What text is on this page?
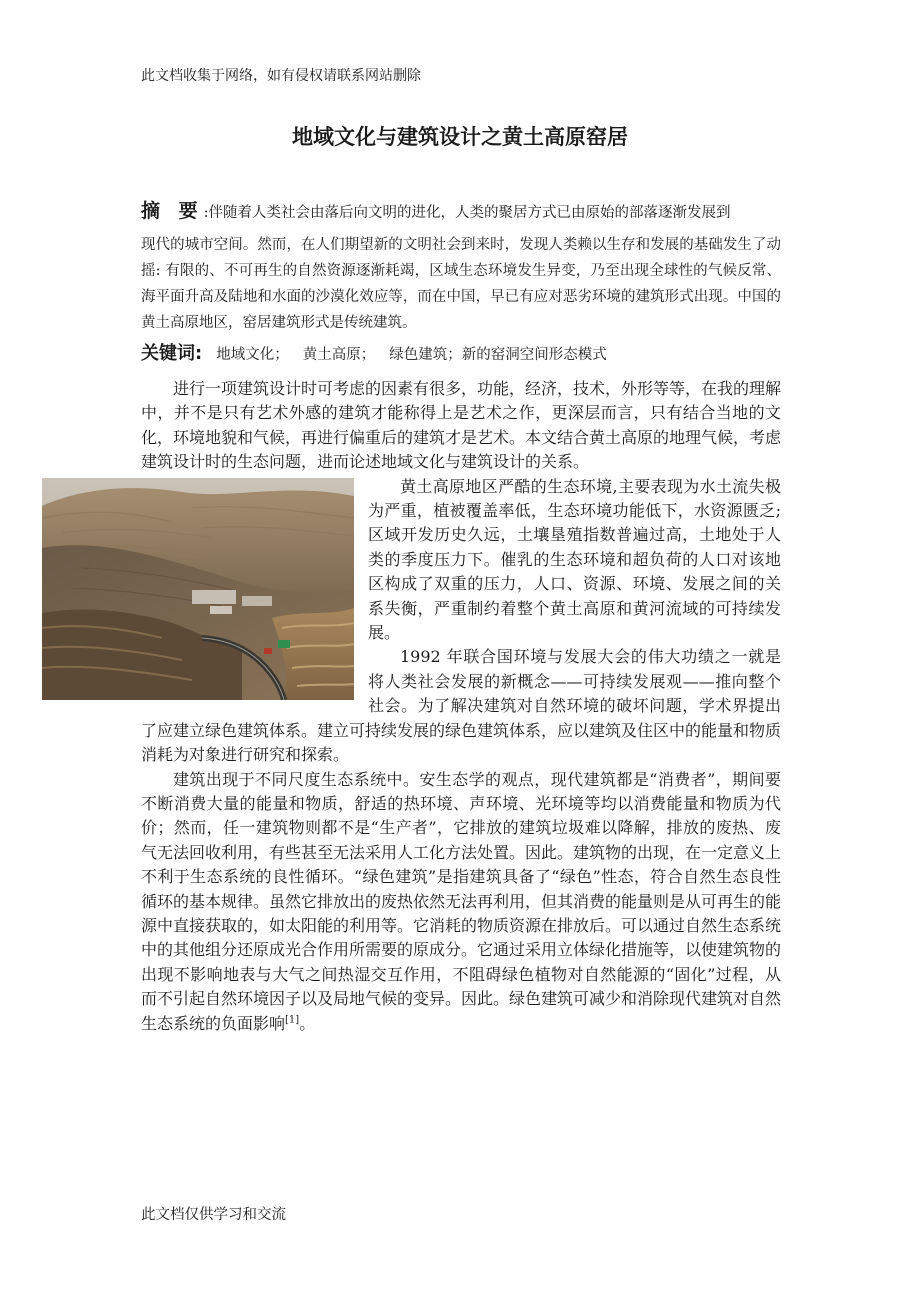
此文档收集于网络，如有侵权请联系网站删除
地域文化与建筑设计之黄土高原窑居
摘 要:伴随着人类社会由落后向文明的进化，人类的聚居方式已由原始的部落逐渐发展到
现代的城市空间。然而，在人们期望新的文明社会到来时，发现人类赖以生存和发展的基础发生了动摇: 有限的、不可再生的自然资源逐渐耗竭，区域生态环境发生异变，乃至出现全球性的气候反常、海平面升高及陆地和水面的沙漠化效应等，而在中国，早已有应对恶劣环境的建筑形式出现。中国的黄土高原地区，窑居建筑形式是传统建筑。
关键词: 地域文化； 黄土高原； 绿色建筑；新的窑洞空间形态模式

进行一项建筑设计时可考虑的因素有很多，功能，经济，技术，外形等等，在我的理解中，并不是只有艺术外感的建筑才能称得上是艺术之作，更深层而言，只有结合当地的文化，环境地貌和气候，再进行偏重后的建筑才是艺术。本文结合黄土高原的地理气候，考虑建筑设计时的生态问题，进而论述地域文化与建筑设计的关系。

黄土高原地区严酷的生态环境,主要表现为水土流失极为严重，植被覆盖率低，生态环境功能低下，水资源匮乏; 区域开发历史久远，土壤垦殖指数普遍过高，土地处于人类的季度压力下。催乳的生态环境和超负荷的人口对该地区构成了双重的压力，人口、资源、环境、发展之间的关系失衡，严重制约着整个黄土高原和黄河流域的可持续发展。

1992 年联合国环境与发展大会的伟大功绩之一就是将人类社会发展的新概念——可持续发展观——推向整个社会。为了解决建筑对自然环境的破坏问题，学术界提出了应建立绿色建筑体系。建立可持续发展的绿色建筑体系，应以建筑及住区中的能量和物质消耗为对象进行研究和探索。

建筑出现于不同尺度生态系统中。安生态学的观点，现代建筑都是“消费者”，期间要不断消费大量的能量和物质，舒适的热环境、声环境、光环境等均以消费能量和物质为代价；然而，任一建筑物则都不是“生产者”，它排放的建筑垃圾难以降解，排放的废热、废气无法回收利用，有些甚至无法采用人工化方法处置。因此。建筑物的出现，在一定意义上不利于生态系统的良性循环。“绿色建筑”是指建筑具备了“绿色”性态，符合自然生态良性循环的基本规律。虽然它排放出的废热依然无法再利用，但其消费的能量则是从可再生的能源中直接获取的，如太阳能的利用等。它消耗的物质资源在排放后。可以通过自然生态系统中的其他组分还原成光合作用所需要的原成分。它通过采用立体绿化措施等，以使建筑物的出现不影响地表与大气之间热湿交互作用，不阻碍绿色植物对自然能源的“固化”过程，从而不引起自然环境因子以及局地气候的变异。因此。绿色建筑可减少和消除现代建筑对自然生态系统的负面影响[1]。

此文档仅供学习和交流
